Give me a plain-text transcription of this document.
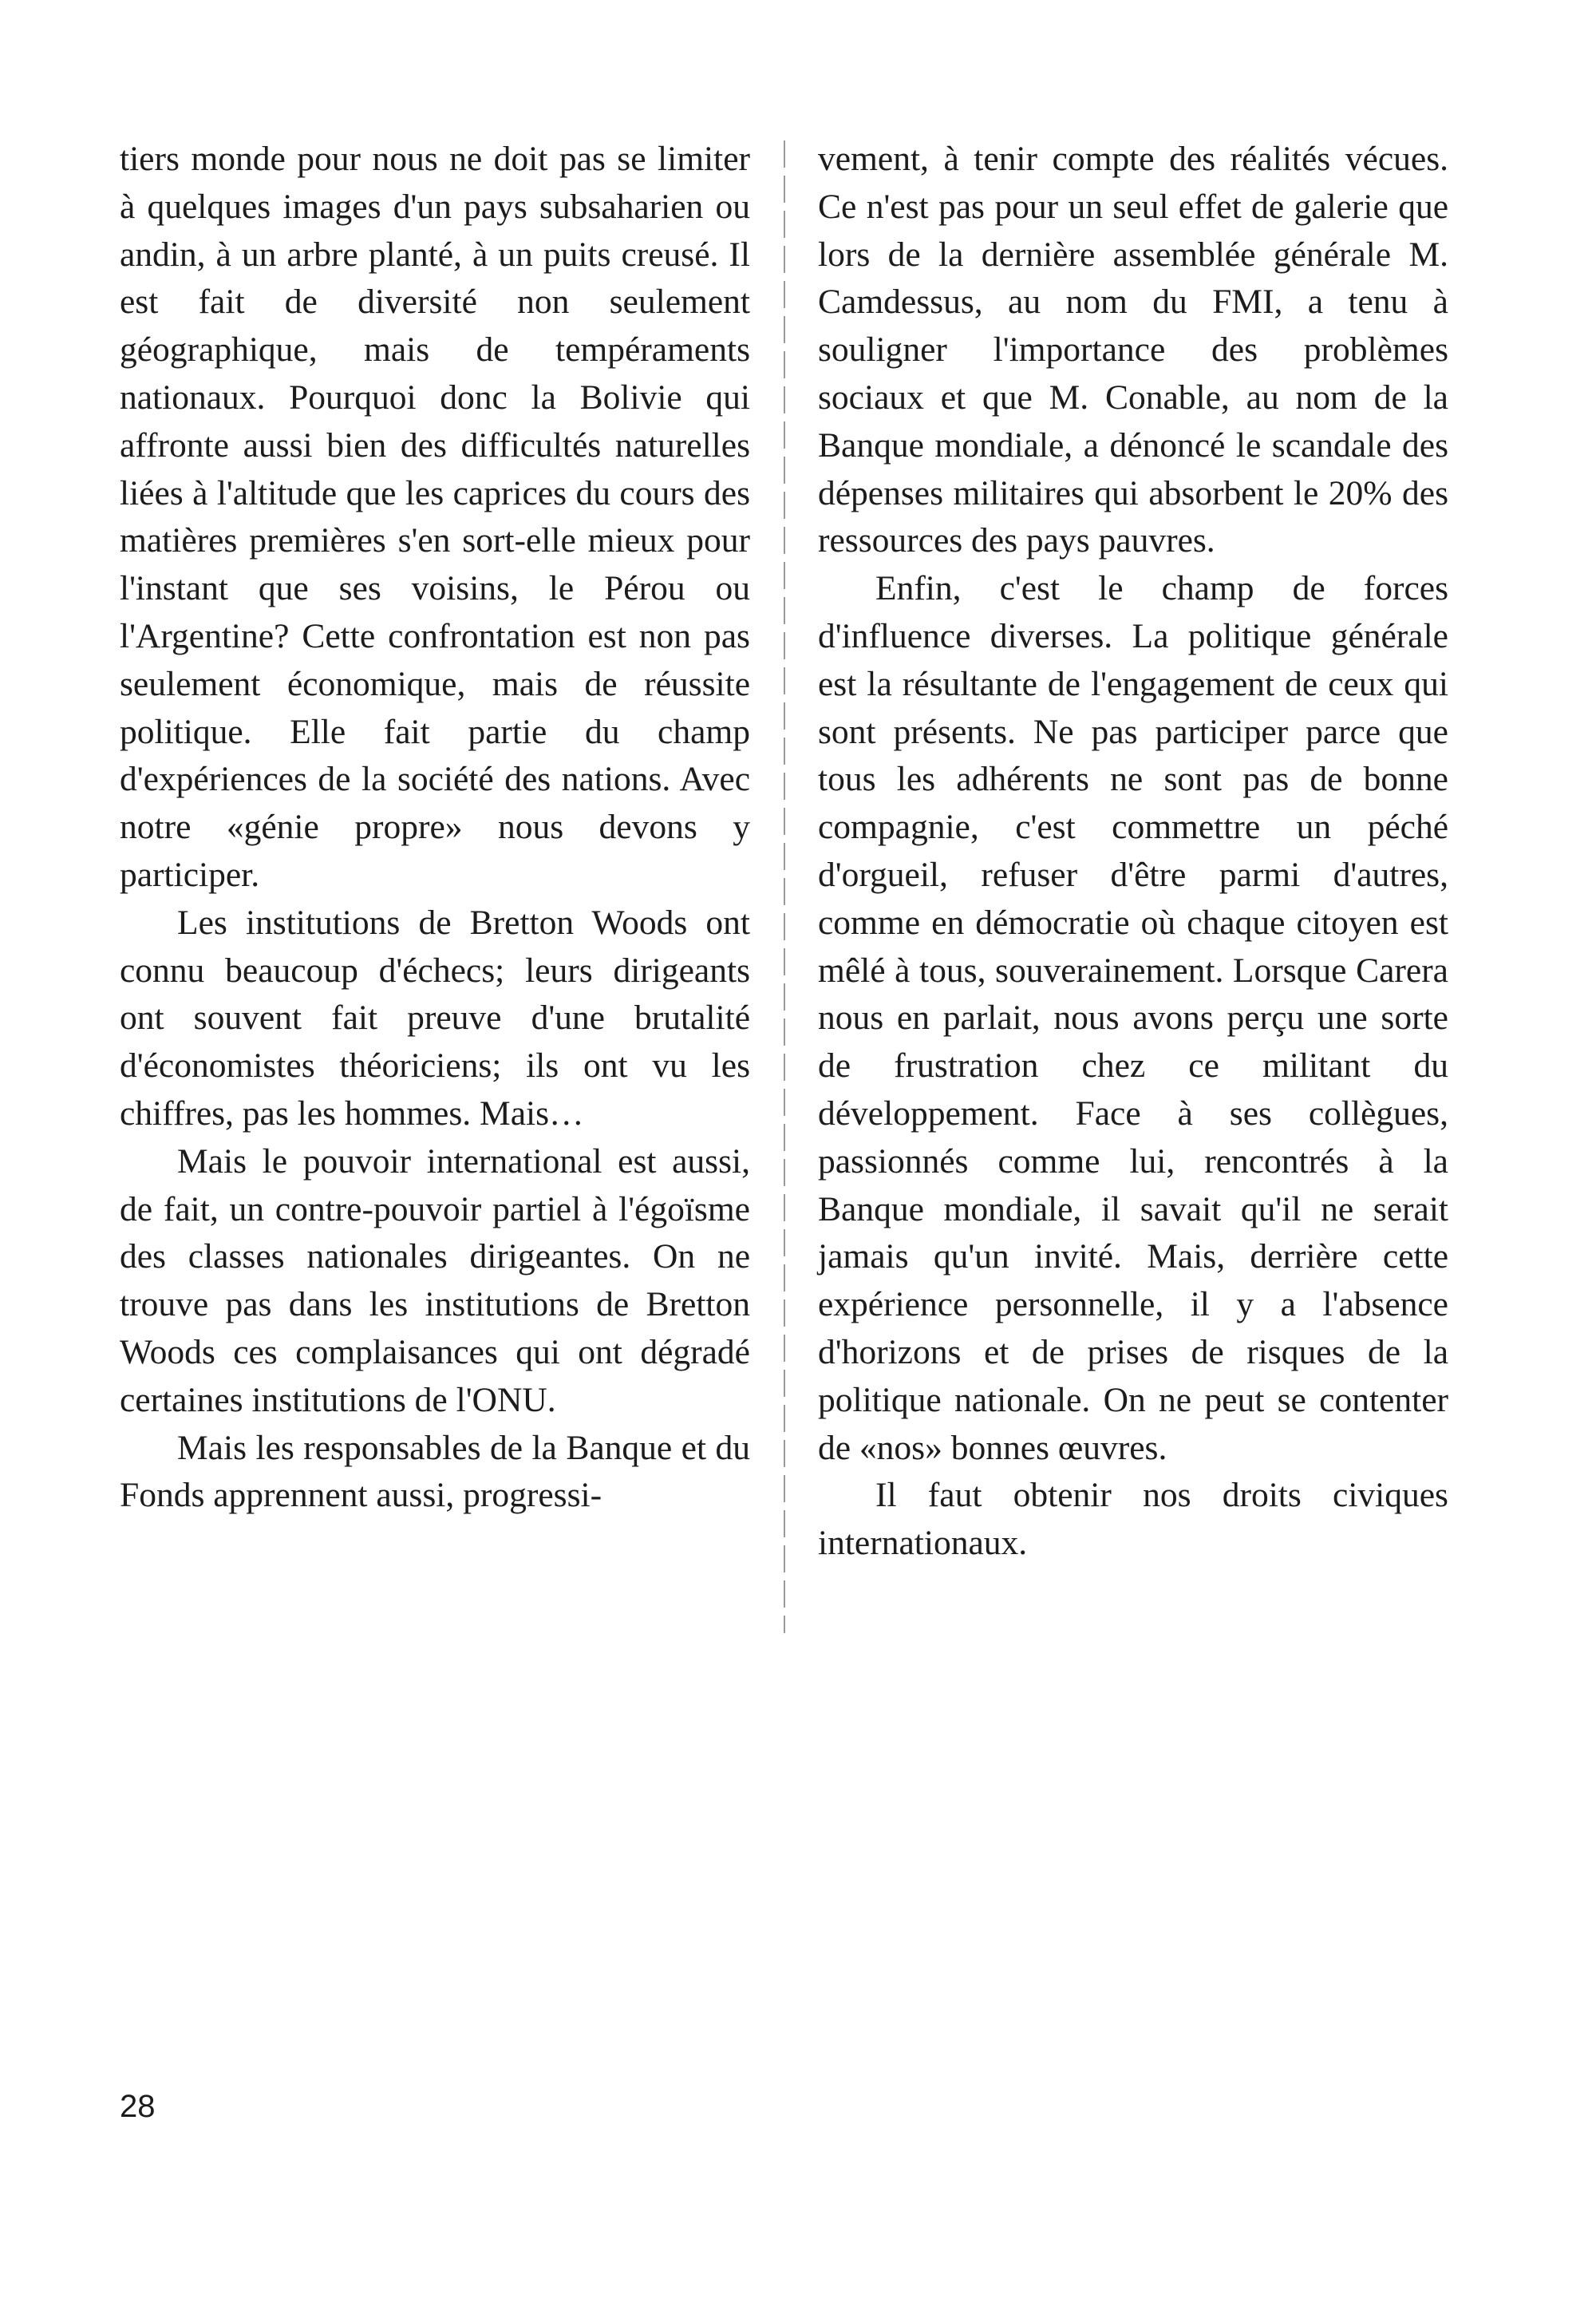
tiers monde pour nous ne doit pas se limiter à quelques images d'un pays subsaharien ou andin, à un arbre planté, à un puits creusé. Il est fait de diversité non seulement géographique, mais de tempéraments nationaux. Pourquoi donc la Bolivie qui affronte aussi bien des difficultés naturelles liées à l'altitude que les caprices du cours des matières premières s'en sort-elle mieux pour l'instant que ses voisins, le Pérou ou l'Argentine? Cette confrontation est non pas seulement économique, mais de réussite politique. Elle fait partie du champ d'expériences de la société des nations. Avec notre «génie propre» nous devons y participer.

Les institutions de Bretton Woods ont connu beaucoup d'échecs; leurs dirigeants ont souvent fait preuve d'une brutalité d'économistes théoriciens; ils ont vu les chiffres, pas les hommes. Mais…

Mais le pouvoir international est aussi, de fait, un contre-pouvoir partiel à l'égoïsme des classes nationales dirigeantes. On ne trouve pas dans les institutions de Bretton Woods ces complaisances qui ont dégradé certaines institutions de l'ONU.

Mais les responsables de la Banque et du Fonds apprennent aussi, progressi-

vement, à tenir compte des réalités vécues. Ce n'est pas pour un seul effet de galerie que lors de la dernière assemblée générale M. Camdessus, au nom du FMI, a tenu à souligner l'importance des problèmes sociaux et que M. Conable, au nom de la Banque mondiale, a dénoncé le scandale des dépenses militaires qui absorbent le 20% des ressources des pays pauvres.

Enfin, c'est le champ de forces d'influence diverses. La politique générale est la résultante de l'engagement de ceux qui sont présents. Ne pas participer parce que tous les adhérents ne sont pas de bonne compagnie, c'est commettre un péché d'orgueil, refuser d'être parmi d'autres, comme en démocratie où chaque citoyen est mêlé à tous, souverainement. Lorsque Carera nous en parlait, nous avons perçu une sorte de frustration chez ce militant du développement. Face à ses collègues, passionnés comme lui, rencontrés à la Banque mondiale, il savait qu'il ne serait jamais qu'un invité. Mais, derrière cette expérience personnelle, il y a l'absence d'horizons et de prises de risques de la politique nationale. On ne peut se contenter de «nos» bonnes œuvres.

Il faut obtenir nos droits civiques internationaux.

28
